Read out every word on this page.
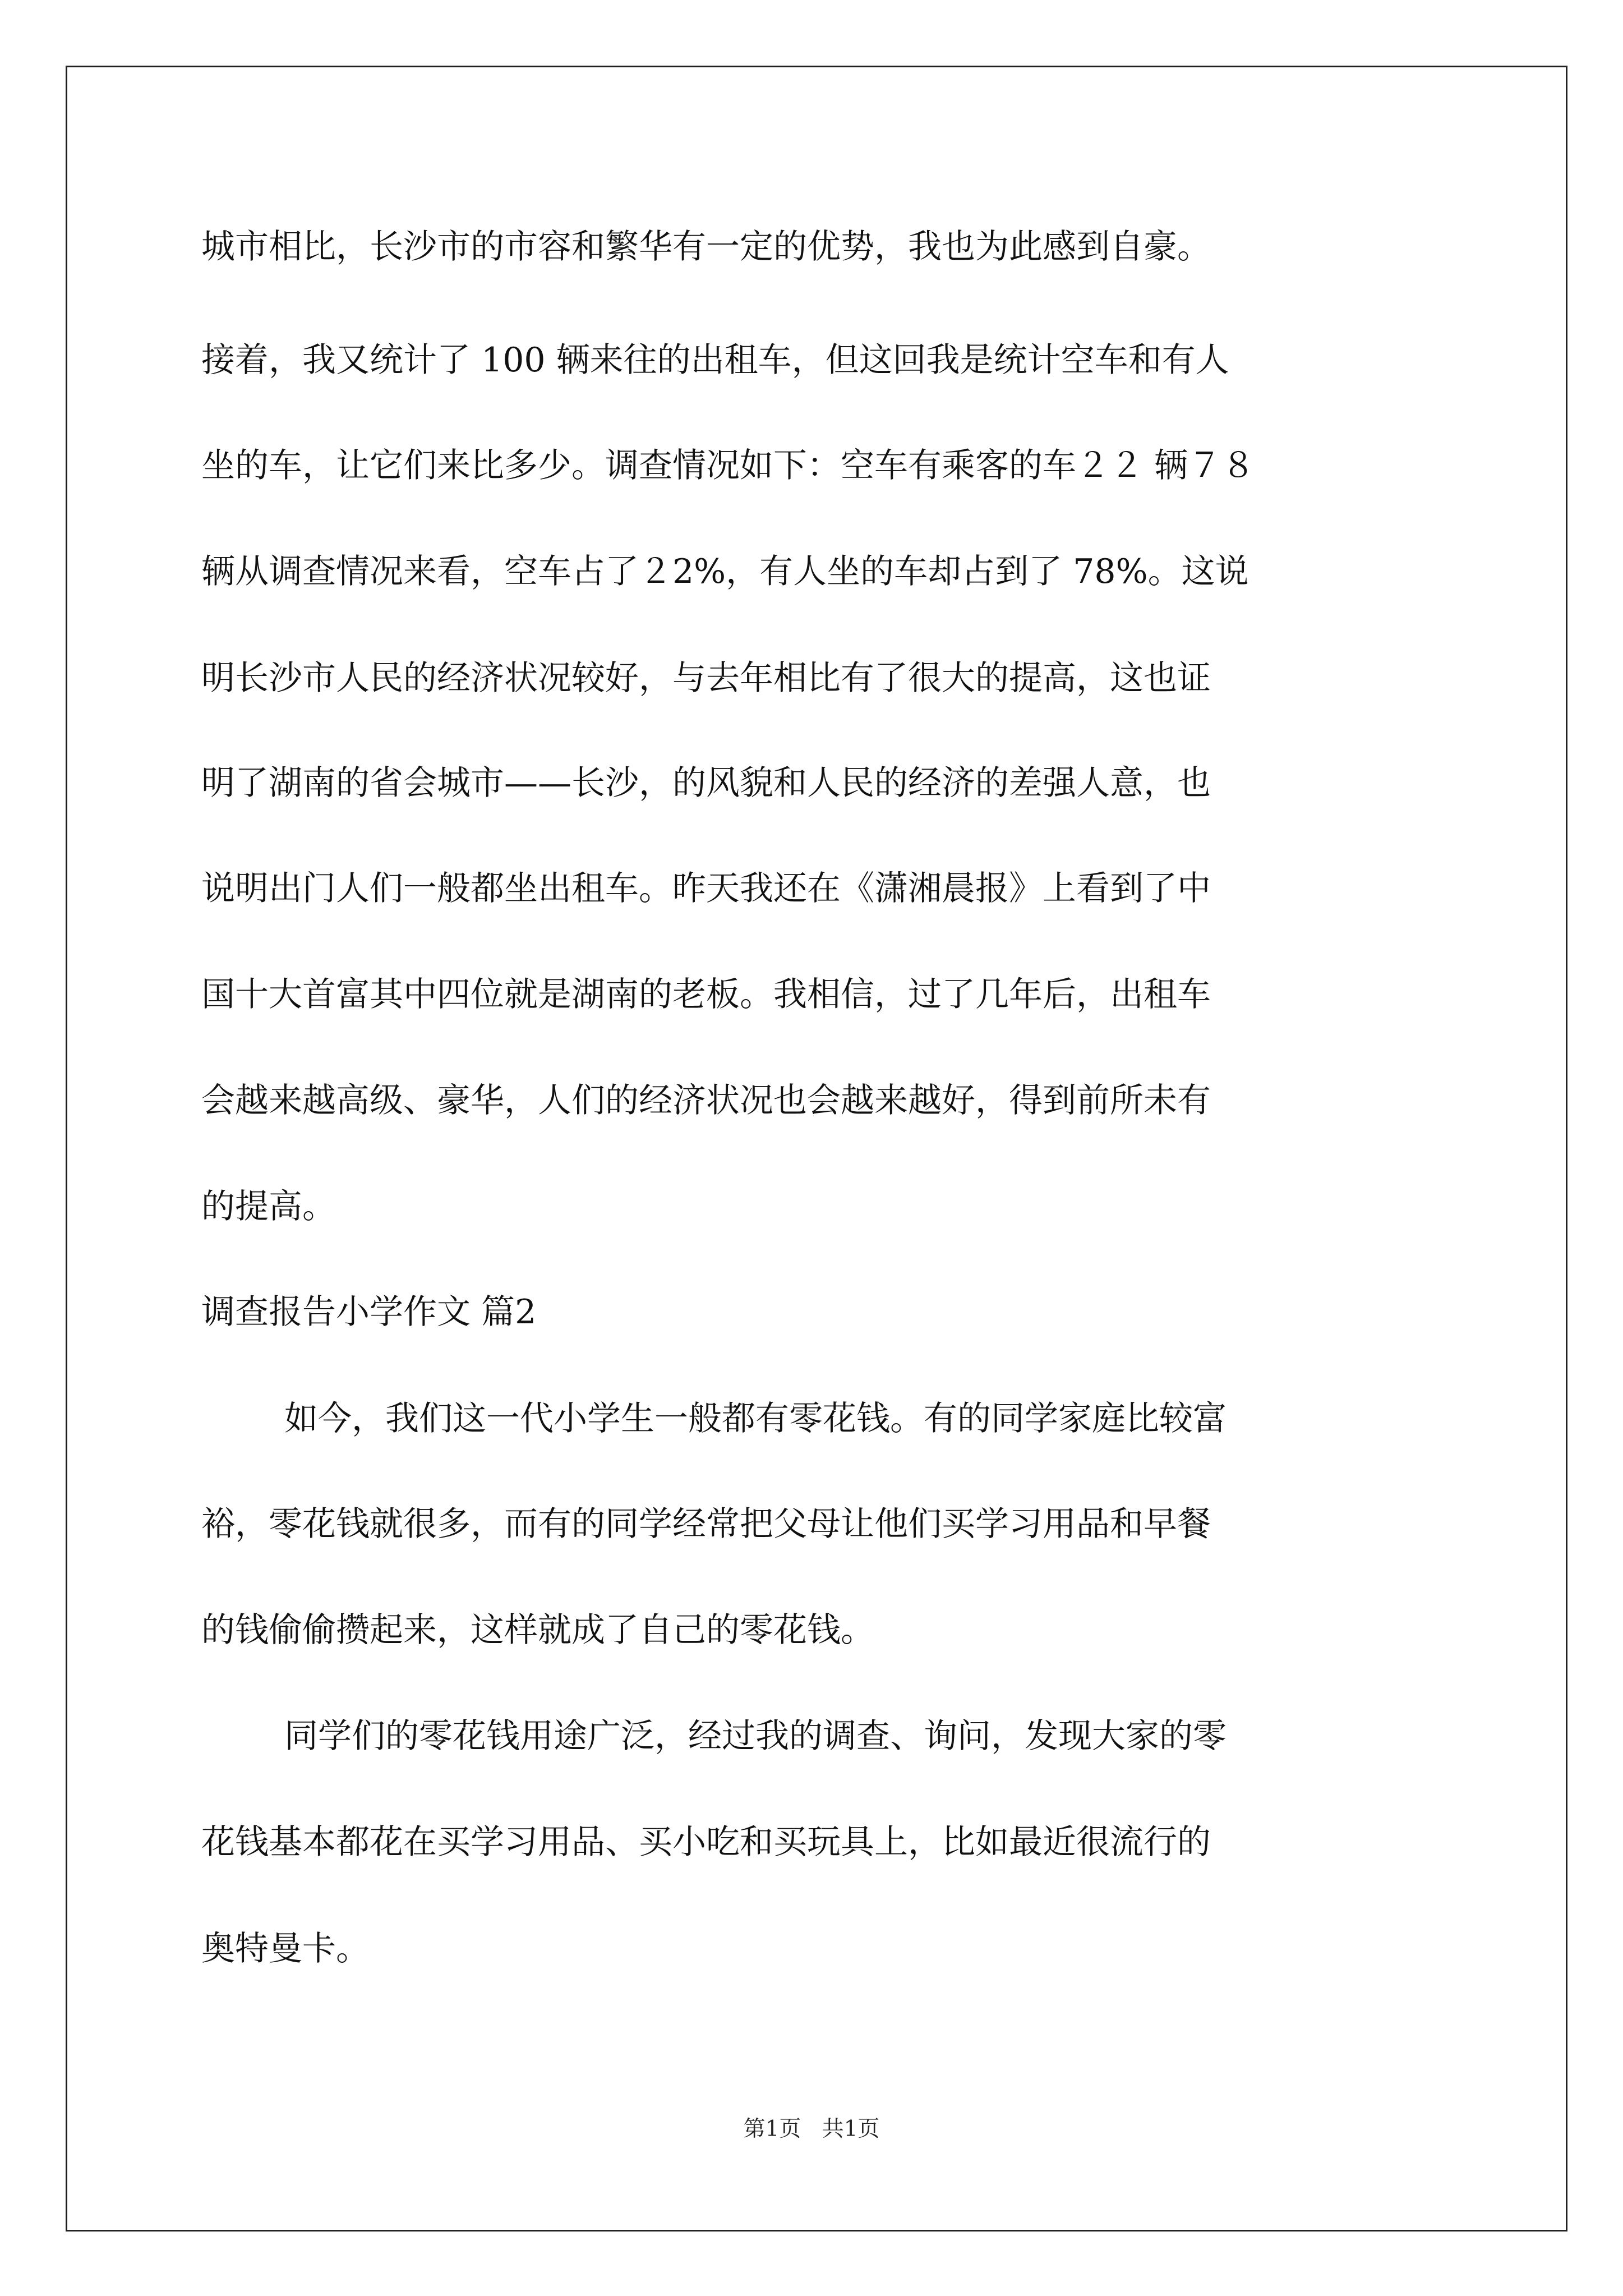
城市相比，长沙市的市容和繁华有一定的优势，我也为此感到自豪。

接着，我又统计了 100 辆来往的出租车，但这回我是统计空车和有人

坐的车，让它们来比多少。调查情况如下：空车有乘客的车２２ 辆７８

辆从调查情况来看，空车占了２2%，有人坐的车却占到了 78%。这说

明长沙市人民的经济状况较好，与去年相比有了很大的提高，这也证

明了湖南的省会城市——长沙，的风貌和人民的经济的差强人意，也

说明出门人们一般都坐出租车。昨天我还在《潇湘晨报》上看到了中

国十大首富其中四位就是湖南的老板。我相信，过了几年后，出租车

会越来越高级、豪华，人们的经济状况也会越来越好，得到前所未有

的提高。

调查报告小学作文 篇2

如今，我们这一代小学生一般都有零花钱。有的同学家庭比较富

裕，零花钱就很多，而有的同学经常把父母让他们买学习用品和早餐

的钱偷偷攒起来，这样就成了自己的零花钱。

同学们的零花钱用途广泛，经过我的调查、询问，发现大家的零

花钱基本都花在买学习用品、买小吃和买玩具上，比如最近很流行的

奥特曼卡。

第1页   共1页
